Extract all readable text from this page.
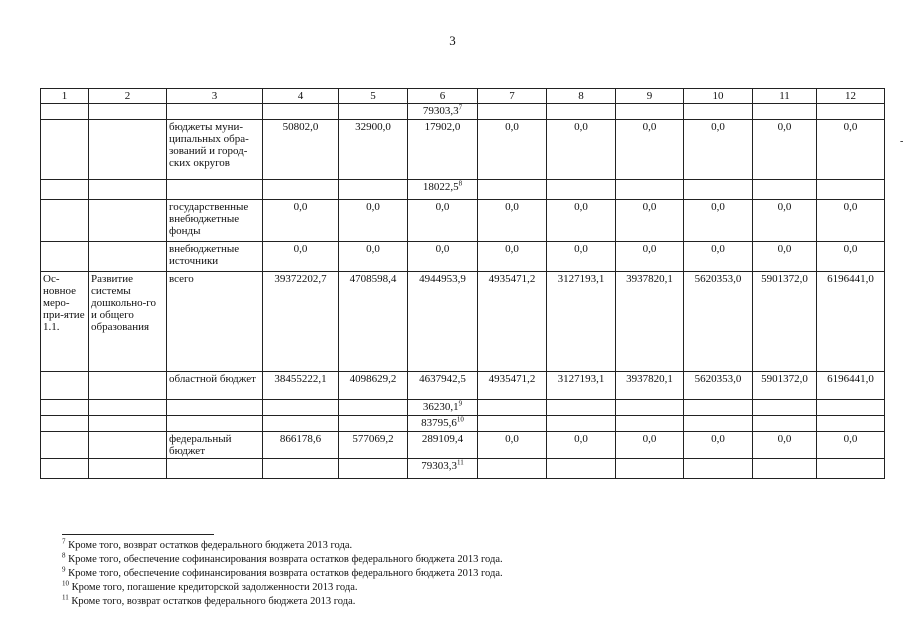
3
-
1	2	3	4	5	6	7	8	9	10	11	12
					79303,3$^7$						
		бюджеты муни-ципальных обра-зований и город-ских округов	50802,0	32900,0	17902,0	0,0	0,0	0,0	0,0	0,0	0,0
					18022,5$^8$						
		государственные внебюджетные фонды	0,0	0,0	0,0	0,0	0,0	0,0	0,0	0,0	0,0
		внебюджетные источники	0,0	0,0	0,0	0,0	0,0	0,0	0,0	0,0	0,0
Ос-новное меро-при-ятие 1.1.	Развитие системы дошкольно-го и общего образования	всего	39372202,7	4708598,4	4944953,9	4935471,2	3127193,1	3937820,1	5620353,0	5901372,0	6196441,0
		областной бюджет	38455222,1	4098629,2	4637942,5	4935471,2	3127193,1	3937820,1	5620353,0	5901372,0	6196441,0
					36230,1$^9$						
					83795,6$^{10}$						
		федеральный бюджет	866178,6	577069,2	289109,4	0,0	0,0	0,0	0,0	0,0	0,0
					79303,3$^{11}$						
$^7$ Кроме того, возврат остатков федерального бюджета 2013 года.
$^8$ Кроме того, обеспечение софинансирования возврата остатков федерального бюджета 2013 года.
$^9$ Кроме того, обеспечение софинансирования возврата остатков федерального бюджета 2013 года.
$^{10}$ Кроме того, погашение кредиторской задолженности 2013 года.
$^{11}$ Кроме того, возврат остатков федерального бюджета 2013 года.
